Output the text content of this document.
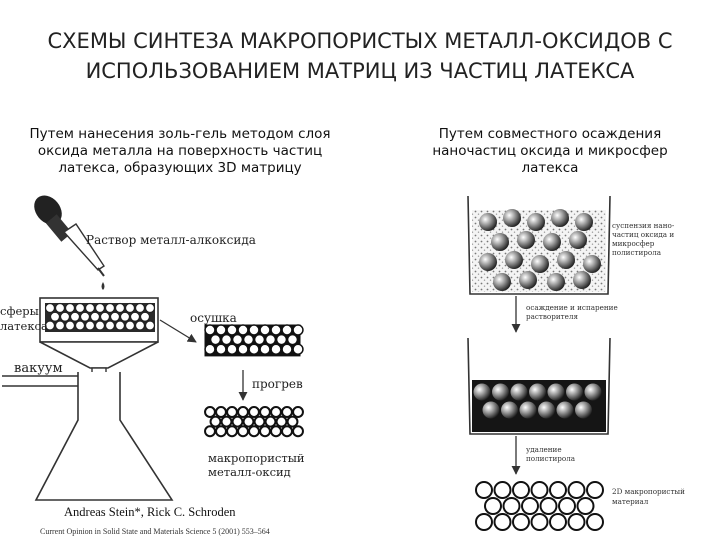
СХЕМЫ СИНТЕЗА МАКРОПОРИСТЫХ МЕТАЛЛ-ОКСИДОВ С
ИСПОЛЬЗОВАНИЕМ МАТРИЦ ИЗ ЧАСТИЦ ЛАТЕКСА
Путем нанесения золь-гель методом слоя
оксида металла на поверхность частиц
латекса, образующих 3D матрицу
Путем совместного осаждения
наночастиц оксида и микросфер
латекса
Раствор металл-алкоксида
сферы
латекса
вакуум
осушка
прогрев
макропористый
металл-оксид
Andreas Stein*, Rick C. Schroden
Current Opinion in Solid State and Materials Science 5 (2001) 553–564
суспензия нано-
частиц оксида и
микросфер
полистирола
осаждение и испарение
растворителя
удаление
полистирола
2D макропористый
материал
